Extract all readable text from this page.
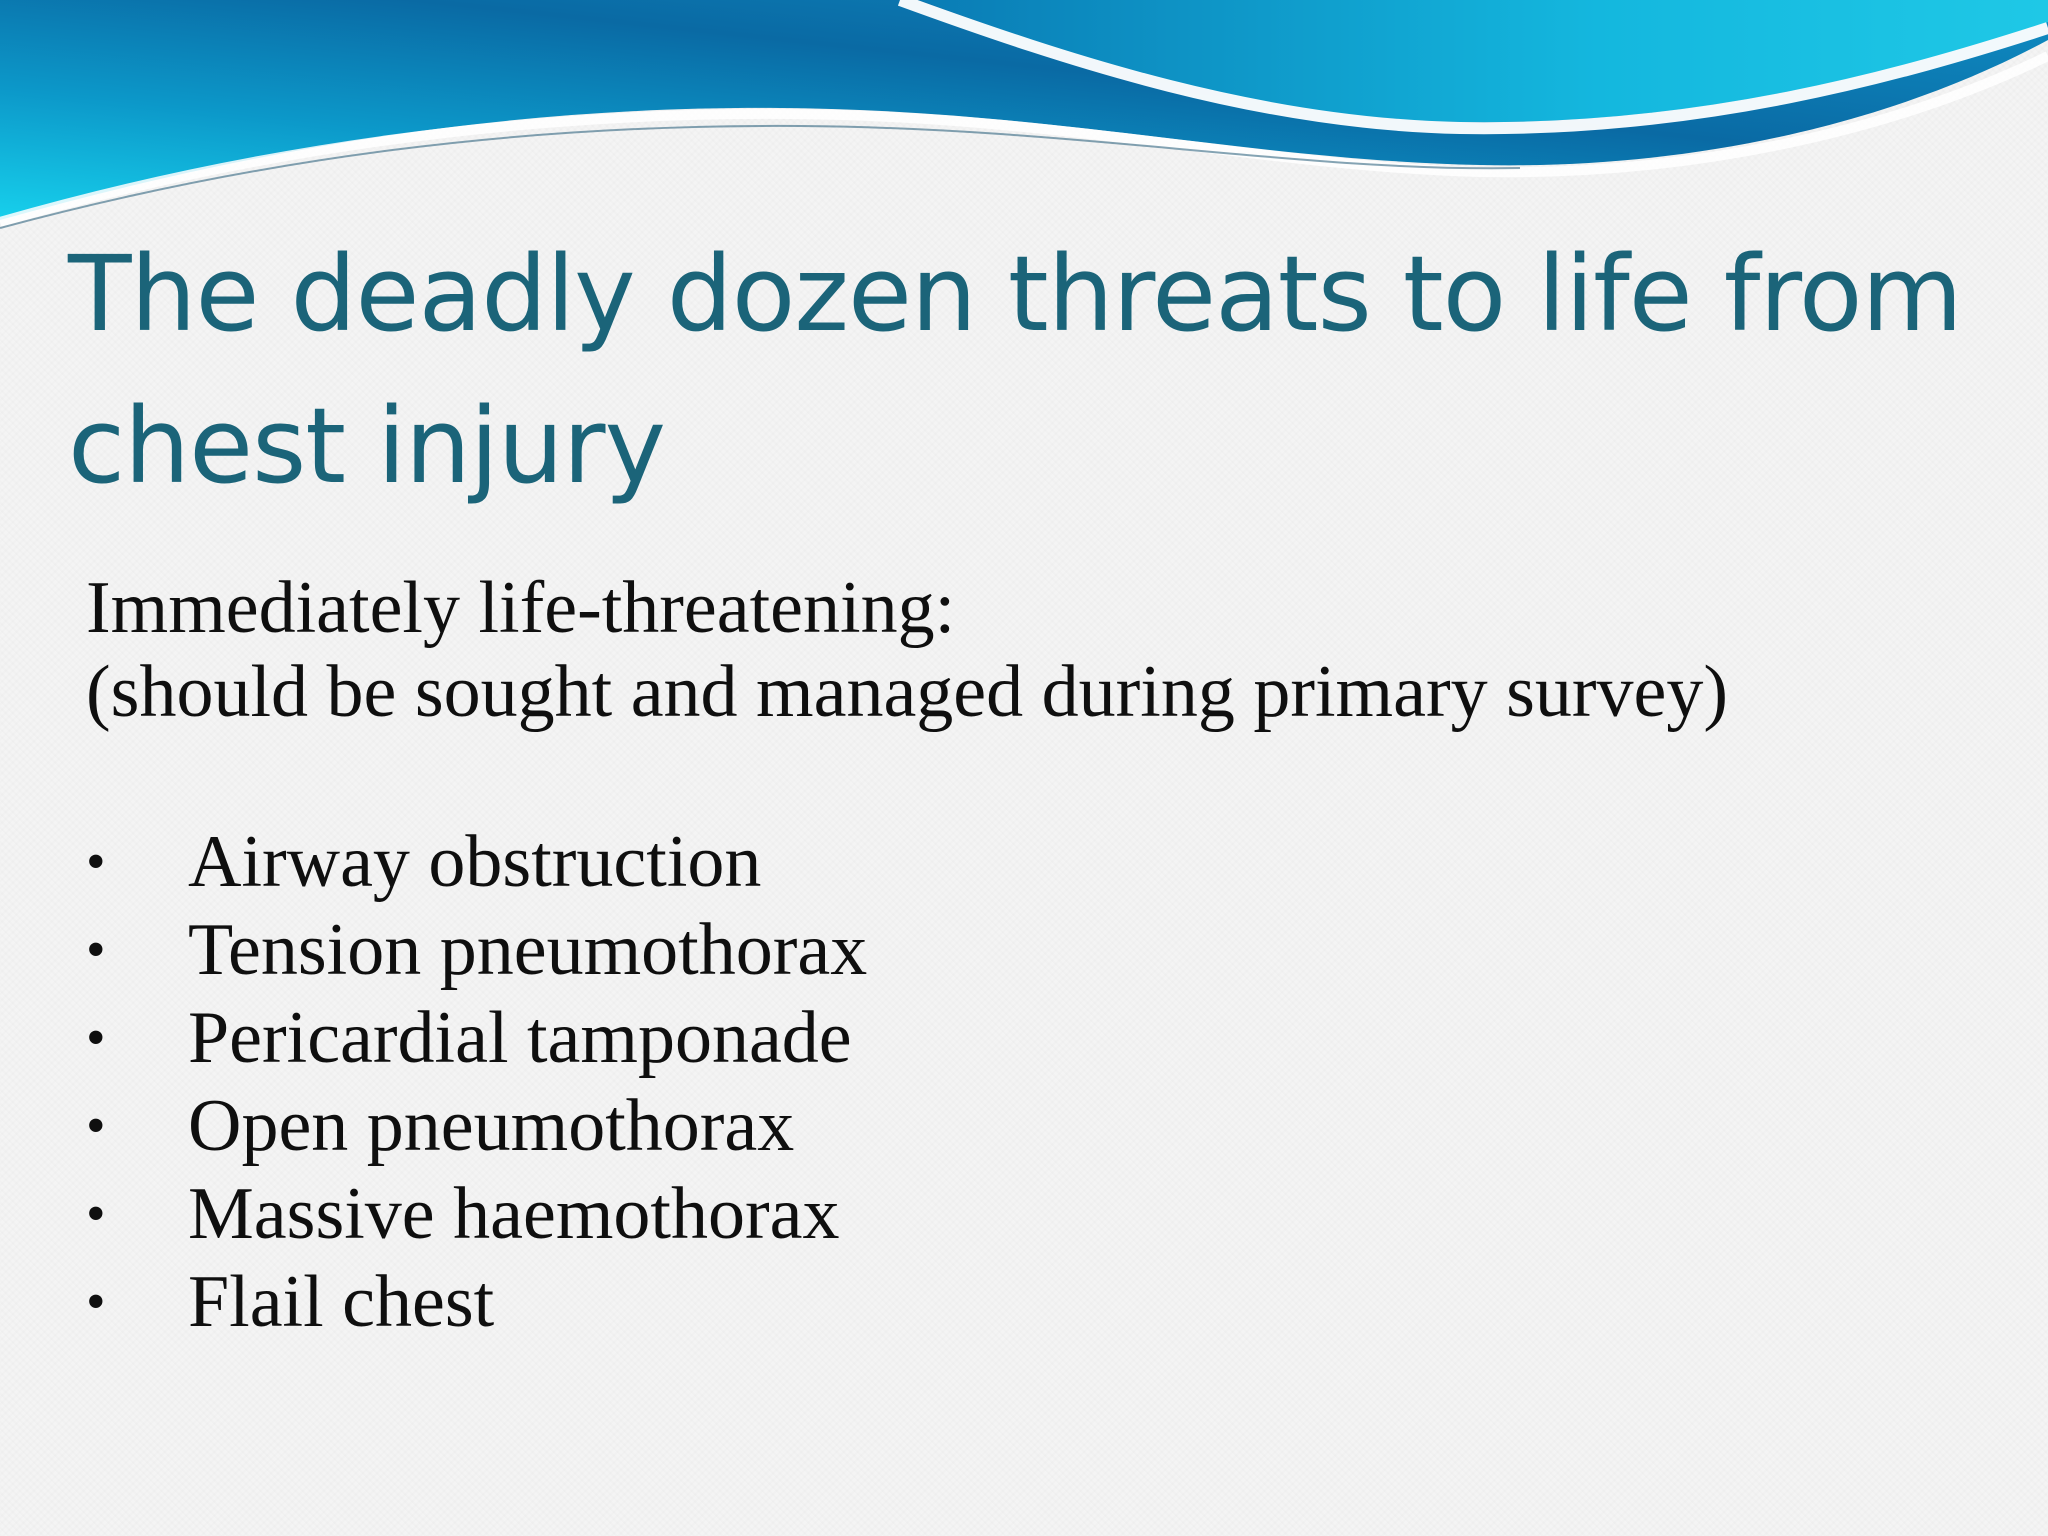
The deadly dozen threats to life from chest injury

Immediately life-threatening:

(should be sought and managed during primary survey)

• Airway obstruction
• Tension pneumothorax
• Pericardial tamponade
• Open pneumothorax
• Massive haemothorax
• Flail chest
